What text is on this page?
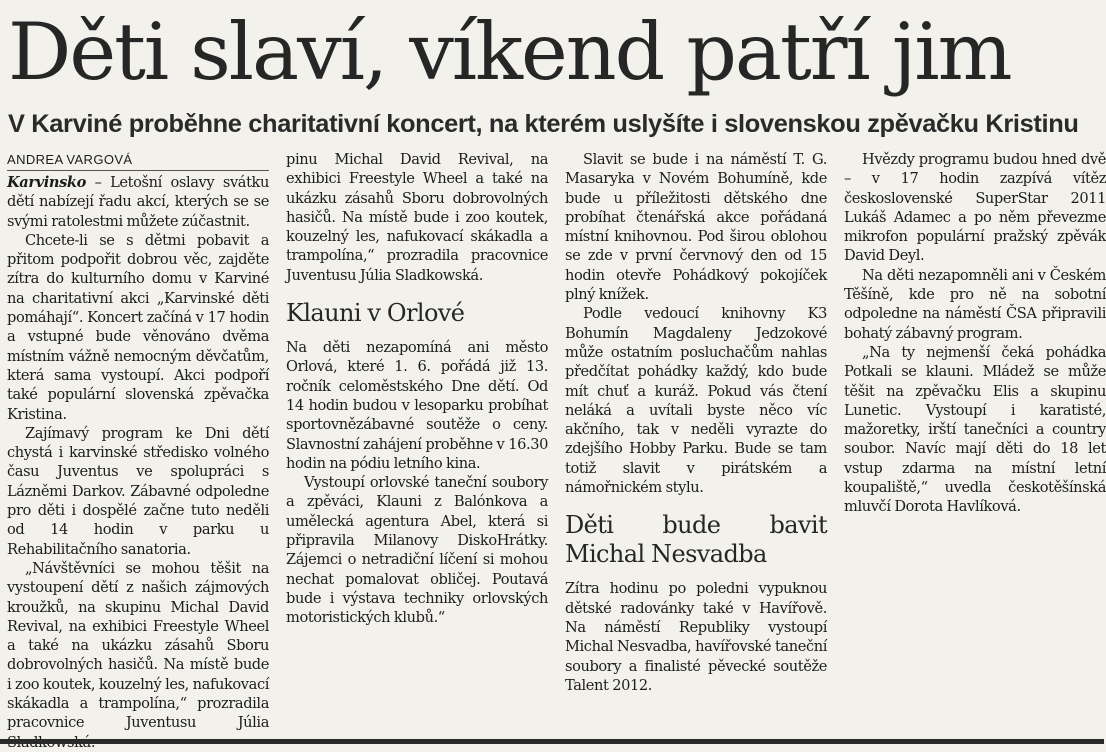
Děti slaví, víkend patří jim
V Karviné proběhne charitativní koncert, na kterém uslyšíte i slovenskou zpěvačku Kristinu
ANDREA VARGOVÁ

Karvinsko – Letošní oslavy svátku dětí nabízejí řadu akcí, kterých se se svými ratolestmi můžete zúčastnit.

Chcete-li se s dětmi pobavit a přitom podpořit dobrou věc, zajděte zítra do kulturního domu v Karviné na charitativní akci „Karvinské děti pomáhají“. Koncert začíná v 17 hodin a vstupné bude věnováno dvěma místním vážně nemocným děvčatům, která sama vystoupí. Akci podpoří také populární slovenská zpěvačka Kristina.

Zajímavý program ke Dni dětí chystá i karvinské středisko volného času Juventus ve spolupráci s Lázněmi Darkov. Zábavné odpoledne pro děti i dospělé začne tuto neděli od 14 hodin v parku u Rehabilitačního sanatoria.

„Návštěvníci se mohou těšit na vystoupení dětí z našich zájmových kroužků, na skupinu Michal David Revival, na exhibici Freestyle Wheel a také na ukázku zásahů Sboru dobrovolných hasičů. Na místě bude i zoo koutek, kouzelný les, nafukovací skákadla a trampolína,“ prozradila pracovnice Juventusu Júlia

pinu Michal David Revival, na exhibici Freestyle Wheel a také na ukázku zásahů Sboru dobrovolných hasičů. Na místě bude i zoo koutek, kouzelný les, nafukovací skákadla a trampolína,“ prozradila pracovnice Juventusu Júlia Sladkowská.

Klauni v Orlové

Na děti nezapomíná ani město Orlová, které 1. 6. pořádá již 13. ročník celoměstského Dne dětí. Od 14 hodin budou v lesoparku probíhat sportovnězábavné soutěže o ceny. Slavnostní zahájení proběhne v 16.30 hodin na pódiu letního kina.

Vystoupí orlovské taneční soubory a zpěváci, Klauni z Balónkova a umělecká agentura Abel, která si připravila Milanovy DiskoHrátky. Zájemci o netradiční líčení si mohou nechat pomalovat obličej. Poutavá bude i výstava techniky orlovských motoristických klubů.“

Slavit se bude i na náměstí T. G. Masaryka v Novém Bohumíně, kde bude u příležitosti dětského dne probíhat čtenářská akce pořádaná místní knihovnou. Pod širou oblohou se zde v první červnový den od 15 hodin otevře Pohádkový pokojíček plný knížek.

Podle vedoucí knihovny K3 Bohumín Magdaleny Jedzokové může ostatním posluchačům nahlas předčítat pohádky každý, kdo bude mít chuť a kuráž. Pokud vás čtení neláká a uvítali byste něco víc akčního, tak v neděli vyrazte do zdejšího Hobby Parku. Bude se tam totiž slavit v pirátském a námořnickém stylu.

Děti bude bavit Michal Nesvadba

Zítra hodinu po poledni vypuknou dětské radovánky také v Havířově. Na náměstí Republiky vystoupí Michal Nesvadba, havířovské taneční soubory a finalisté pěvecké soutěže Talent 2012.

Hvězdy programu budou hned dvě – v 17 hodin zazpívá vítěz československé SuperStar 2011 Lukáš Adamec a po něm převezme mikrofon populární pražský zpěvák David Deyl.

Na děti nezapomněli ani v Českém Těšíně, kde pro ně na sobotní odpoledne na náměstí ČSA připravili bohatý zábavný program.

„Na ty nejmenší čeká pohádka Potkali se klauni. Mládež se může těšit na zpěvačku Elis a skupinu Lunetic. Vystoupí i karatisté, mažoretky, irští tanečníci a country soubor. Navíc mají děti do 18 let vstup zdarma na místní letní koupaliště,“ uvedla českotěšínská mluvčí Dorota Havlíková.
